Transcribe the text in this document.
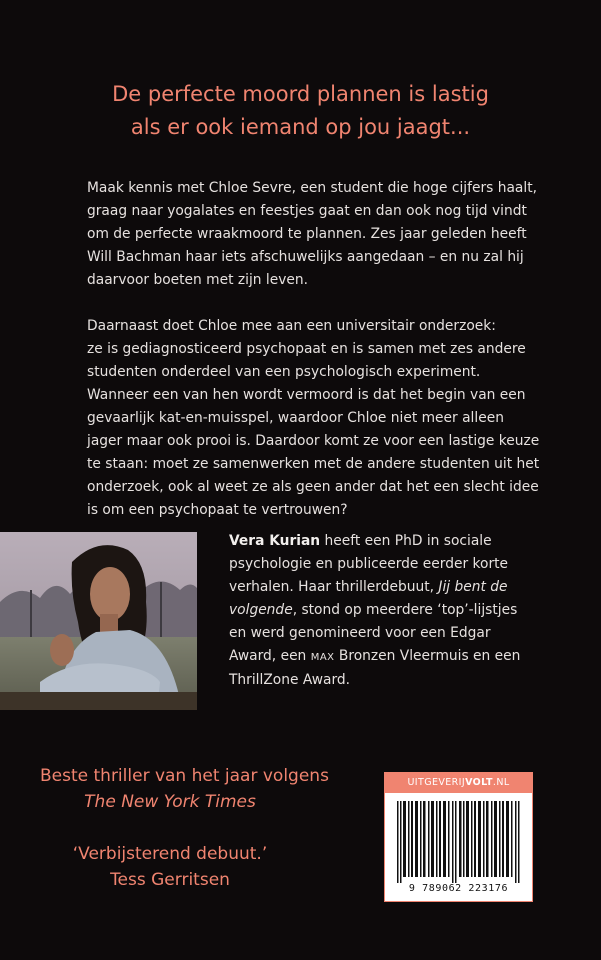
De perfecte moord plannen is lastig
als er ook iemand op jou jaagt...

Maak kennis met Chloe Sevre, een student die hoge cijfers haalt,
graag naar yogalates en feestjes gaat en dan ook nog tijd vindt
om de perfecte wraakmoord te plannen. Zes jaar geleden heeft
Will Bachman haar iets afschuwelijks aangedaan – en nu zal hij
daarvoor boeten met zijn leven.

Daarnaast doet Chloe mee aan een universitair onderzoek:
ze is gediagnosticeerd psychopaat en is samen met zes andere
studenten onderdeel van een psychologisch experiment.
Wanneer een van hen wordt vermoord is dat het begin van een
gevaarlijk kat-en-muisspel, waardoor Chloe niet meer alleen
jager maar ook prooi is. Daardoor komt ze voor een lastige keuze
te staan: moet ze samenwerken met de andere studenten uit het
onderzoek, ook al weet ze als geen ander dat het een slecht idee
is om een psychopaat te vertrouwen?

Vera Kurian heeft een PhD in sociale
psychologie en publiceerde eerder korte
verhalen. Haar thrillerdebuut, Jij bent de
volgende, stond op meerdere ‘top’-lijstjes
en werd genomineerd voor een Edgar
Award, een MAX Bronzen Vleermuis en een
ThrillZone Award.
Beste thriller van het jaar volgens
The New York Times
‘Verbijsterend debuut.’
Tess Gerritsen
UITGEVERIJVOLT.NL
9 789062 223176
